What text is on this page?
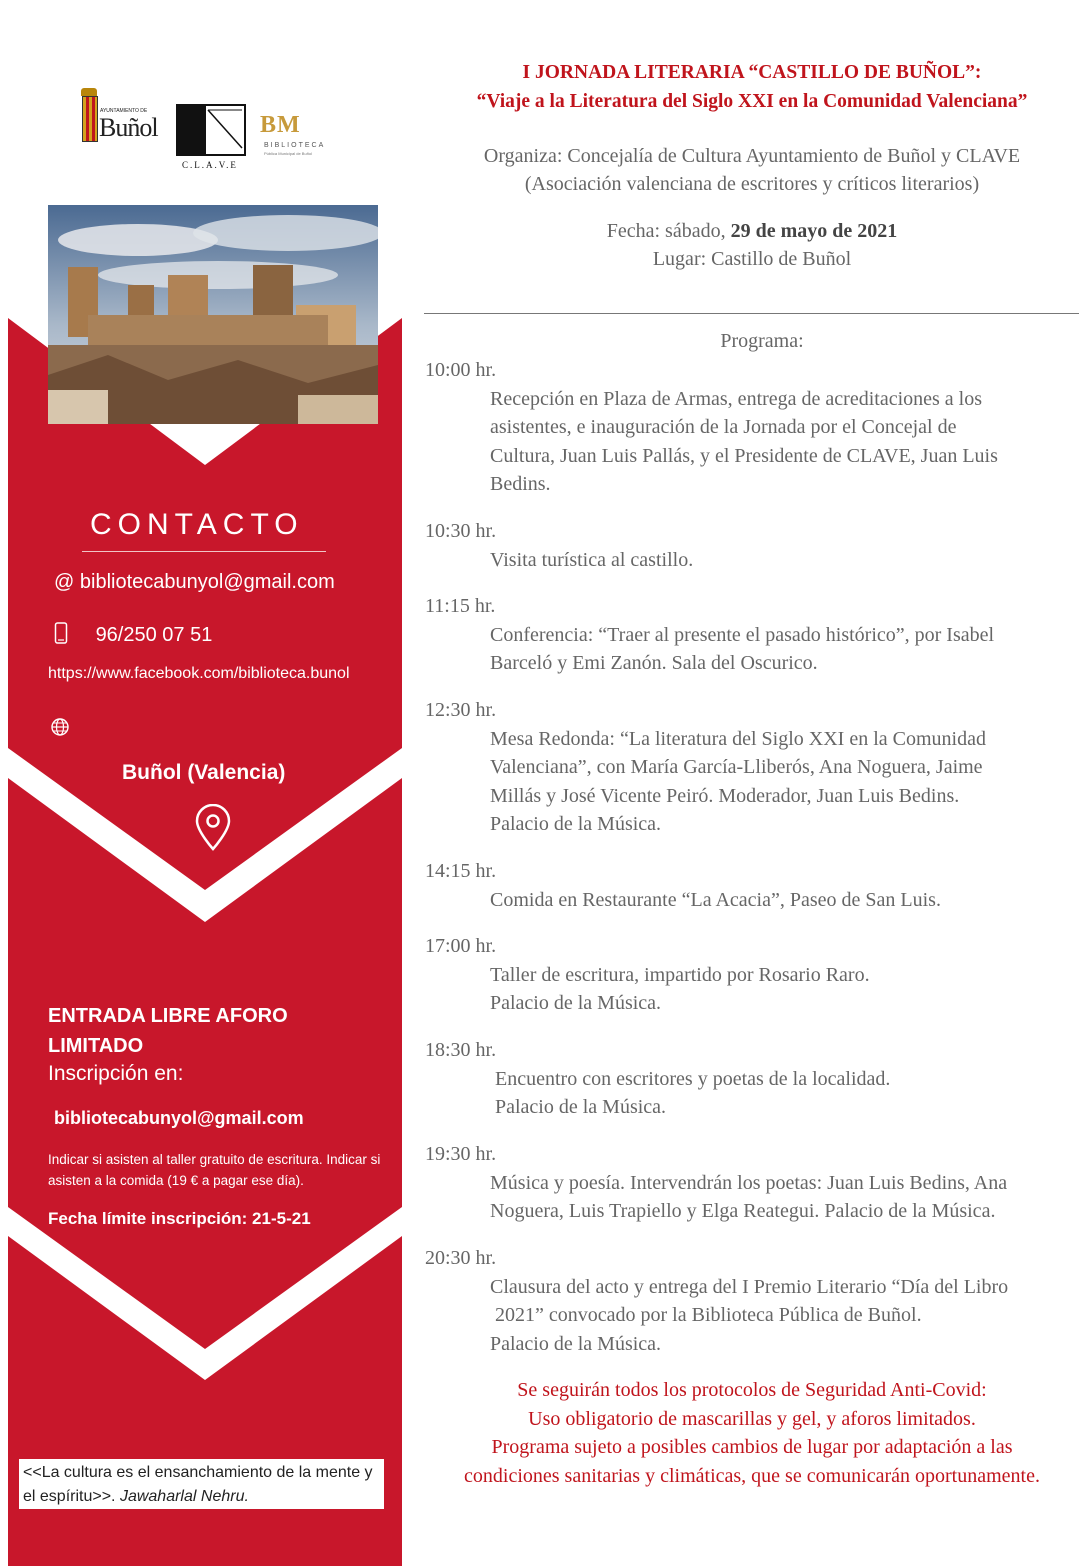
AYUNTAMIENTO DE
Buñol
C.L.A.V.E
BM
BIBLIOTECA
Pública Municipal de Buñol
CONTACTO
@ bibliotecabunyol@gmail.com
96/250 07 51
https://www.facebook.com/biblioteca.bunol
Buñol (Valencia)
ENTRADA LIBRE AFORO LIMITADO
Inscripción en:
bibliotecabunyol@gmail.com
Indicar si asisten al taller gratuito de escritura. Indicar si asisten a la comida (19 € a pagar ese día).
Fecha límite inscripción: 21-5-21
<<La cultura es el ensanchamiento de la mente y el espíritu>>. Jawaharlal Nehru.
I JORNADA LITERARIA “CASTILLO DE BUÑOL”:
“Viaje a la Literatura del Siglo XXI en la Comunidad Valenciana”
Organiza: Concejalía de Cultura Ayuntamiento de Buñol y CLAVE
(Asociación valenciana de escritores y críticos literarios)
Fecha: sábado, 29 de mayo de 2021
Lugar: Castillo de Buñol
Programa:
10:00 hr.
Recepción en Plaza de Armas, entrega de acreditaciones a los
asistentes, e inauguración de la Jornada por el Concejal de
Cultura, Juan Luis Pallás, y el Presidente de CLAVE, Juan Luis
Bedins.
10:30 hr.
Visita turística al castillo.
11:15 hr.
Conferencia: “Traer al presente el pasado histórico”, por Isabel
Barceló y Emi Zanón. Sala del Oscurico.
12:30 hr.
Mesa Redonda: “La literatura del Siglo XXI en la Comunidad
Valenciana”, con María García-Lliberós, Ana Noguera, Jaime
Millás y José Vicente Peiró. Moderador, Juan Luis Bedins.
Palacio de la Música.
14:15 hr.
Comida en Restaurante “La Acacia”, Paseo de San Luis.
17:00 hr.
Taller de escritura, impartido por Rosario Raro.
Palacio de la Música.
18:30 hr.
Encuentro con escritores y poetas de la localidad.
Palacio de la Música.
19:30 hr.
Música y poesía. Intervendrán los poetas: Juan Luis Bedins, Ana
Noguera, Luis Trapiello y Elga Reategui. Palacio de la Música.
20:30 hr.
Clausura del acto y entrega del I Premio Literario “Día del Libro
2021” convocado por la Biblioteca Pública de Buñol.
Palacio de la Música.
Se seguirán todos los protocolos de Seguridad Anti-Covid:
Uso obligatorio de mascarillas y gel, y aforos limitados.
Programa sujeto a posibles cambios de lugar por adaptación a las
condiciones sanitarias y climáticas, que se comunicarán oportunamente.
